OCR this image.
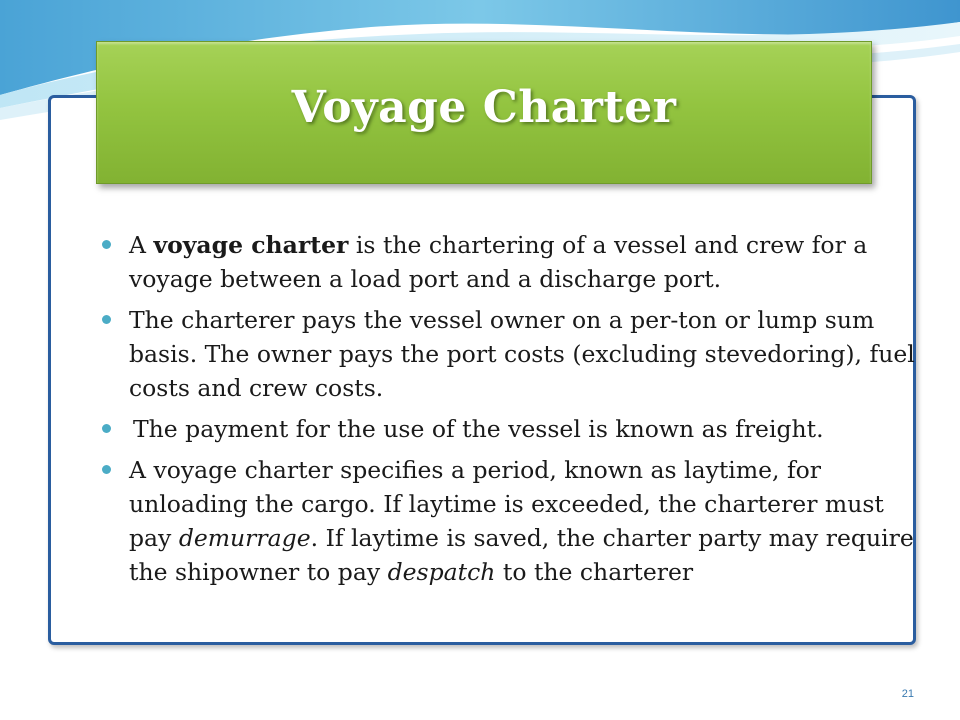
Voyage Charter
A voyage charter is the chartering of a vessel and crew for a voyage between a load port and a discharge port.
The charterer pays the vessel owner on a per-ton or lump sum basis. The owner pays the port costs (excluding stevedoring), fuel costs and crew costs.
The payment for the use of the vessel is known as freight.
A voyage charter specifies a period, known as laytime, for unloading the cargo. If laytime is exceeded, the charterer must pay demurrage. If laytime is saved, the charter party may require the shipowner to pay despatch to the charterer
21
